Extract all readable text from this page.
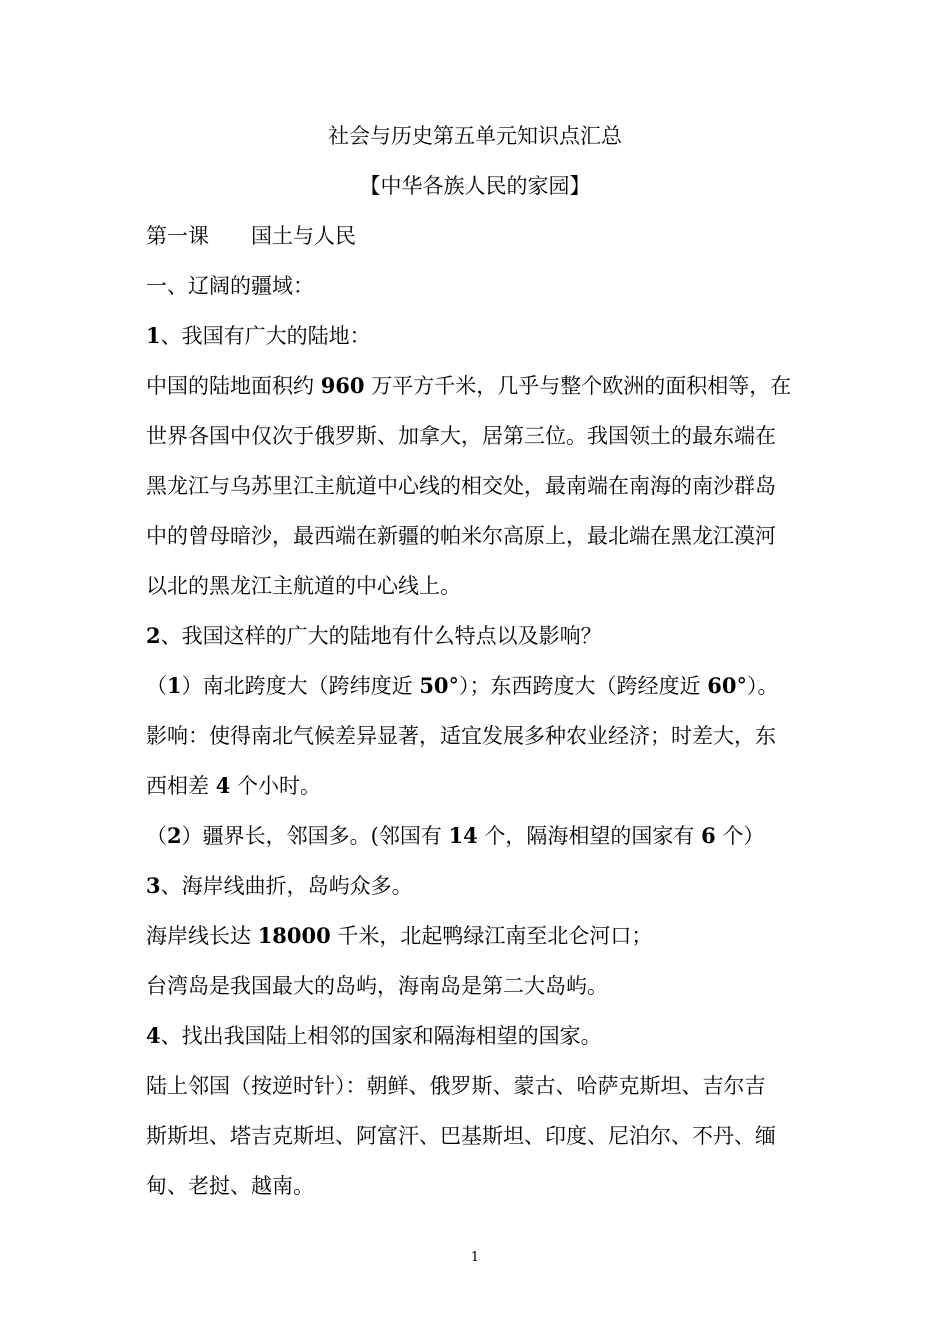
社会与历史第五单元知识点汇总
【中华各族人民的家园】
第一课　　国土与人民
一、辽阔的疆域：
1、我国有广大的陆地：
中国的陆地面积约 960 万平方千米，几乎与整个欧洲的面积相等，在
世界各国中仅次于俄罗斯、加拿大，居第三位。我国领土的最东端在
黑龙江与乌苏里江主航道中心线的相交处，最南端在南海的南沙群岛
中的曾母暗沙，最西端在新疆的帕米尔高原上，最北端在黑龙江漠河
以北的黑龙江主航道的中心线上。
2、我国这样的广大的陆地有什么特点以及影响？
（1）南北跨度大（跨纬度近 50°）；东西跨度大（跨经度近 60°）。
影响：使得南北气候差异显著，适宜发展多种农业经济；时差大，东
西相差 4 个小时。
（2）疆界长，邻国多。(邻国有 14 个，隔海相望的国家有 6 个）
3、海岸线曲折，岛屿众多。
海岸线长达 18000 千米，北起鸭绿江南至北仑河口；
台湾岛是我国最大的岛屿，海南岛是第二大岛屿。
4、找出我国陆上相邻的国家和隔海相望的国家。
陆上邻国（按逆时针）：朝鲜、俄罗斯、蒙古、哈萨克斯坦、吉尔吉
斯斯坦、塔吉克斯坦、阿富汗、巴基斯坦、印度、尼泊尔、不丹、缅
甸、老挝、越南。
1
